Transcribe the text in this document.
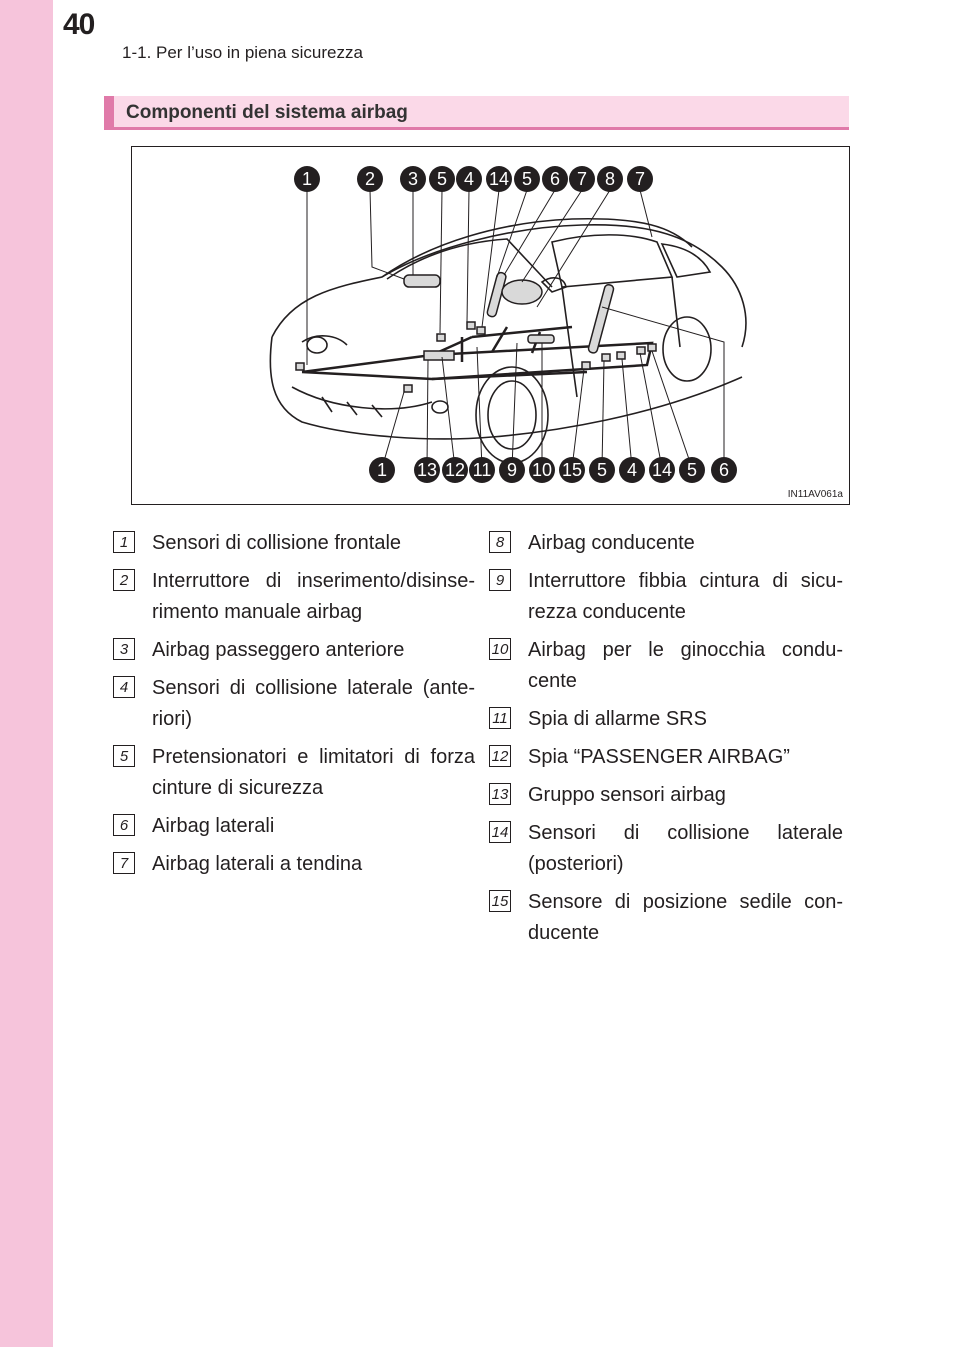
40
1-1. Per l’uso in piena sicurezza
Componenti del sistema airbag
1	2 3 5 4 14 5 6 7 8 7
1 13 12 11 9 10 15 5 4 14 5 6
IN11AV061a
1	Sensori di collisione frontale
2	Interruttore di inserimento/disinse-rimento manuale airbag
3	Airbag passeggero anteriore
4	Sensori di collisione laterale (ante-riori)
5	Pretensionatori e limitatori di forza cinture di sicurezza
6	Airbag laterali
7	Airbag laterali a tendina
8	Airbag conducente
9	Interruttore fibbia cintura di sicu-rezza conducente
10 Airbag per le ginocchia condu-cente
11 Spia di allarme SRS
12 Spia “PASSENGER AIRBAG”
13 Gruppo sensori airbag
14 Sensori di collisione laterale (posteriori)
15 Sensore di posizione sedile con-ducente
